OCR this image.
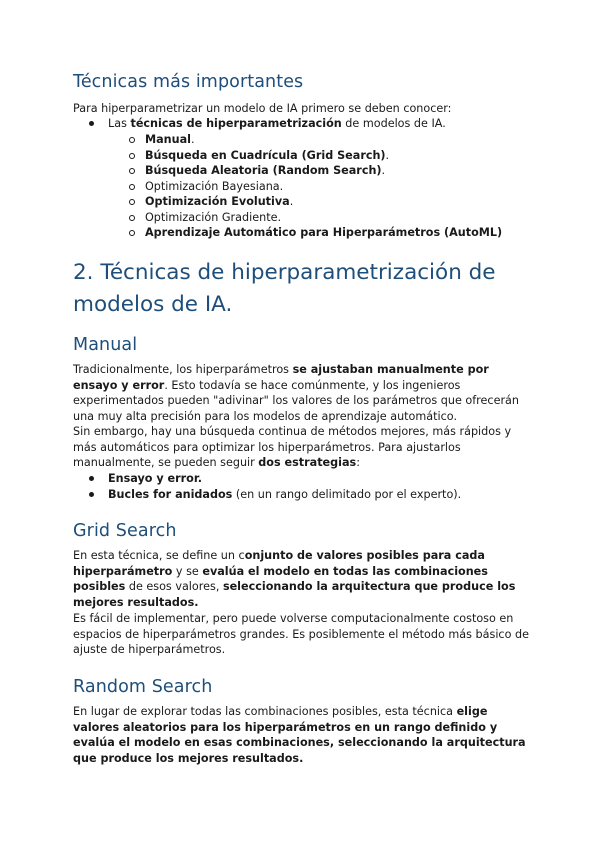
Técnicas más importantes

Para hiperparametrizar un modelo de IA primero se deben conocer:

Las técnicas de hiperparametrización de modelos de IA.
Manual.
Búsqueda en Cuadrícula (Grid Search).
Búsqueda Aleatoria (Random Search).
Optimización Bayesiana.
Optimización Evolutiva.
Optimización Gradiente.
Aprendizaje Automático para Hiperparámetros (AutoML)
2. Técnicas de hiperparametrización de
modelos de IA.
Manual

Tradicionalmente, los hiperparámetros se ajustaban manualmente por ensayo y error. Esto todavía se hace comúnmente, y los ingenieros experimentados pueden "adivinar" los valores de los parámetros que ofrecerán una muy alta precisión para los modelos de aprendizaje automático.

Sin embargo, hay una búsqueda continua de métodos mejores, más rápidos y más automáticos para optimizar los hiperparámetros. Para ajustarlos manualmente, se pueden seguir dos estrategias:

Ensayo y error.
Bucles for anidados (en un rango delimitado por el experto).
Grid Search

En esta técnica, se define un conjunto de valores posibles para cada hiperparámetro y se evalúa el modelo en todas las combinaciones posibles de esos valores, seleccionando la arquitectura que produce los mejores resultados.

Es fácil de implementar, pero puede volverse computacionalmente costoso en espacios de hiperparámetros grandes. Es posiblemente el método más básico de ajuste de hiperparámetros.

Random Search

En lugar de explorar todas las combinaciones posibles, esta técnica elige valores aleatorios para los hiperparámetros en un rango definido y evalúa el modelo en esas combinaciones, seleccionando la arquitectura que produce los mejores resultados.
